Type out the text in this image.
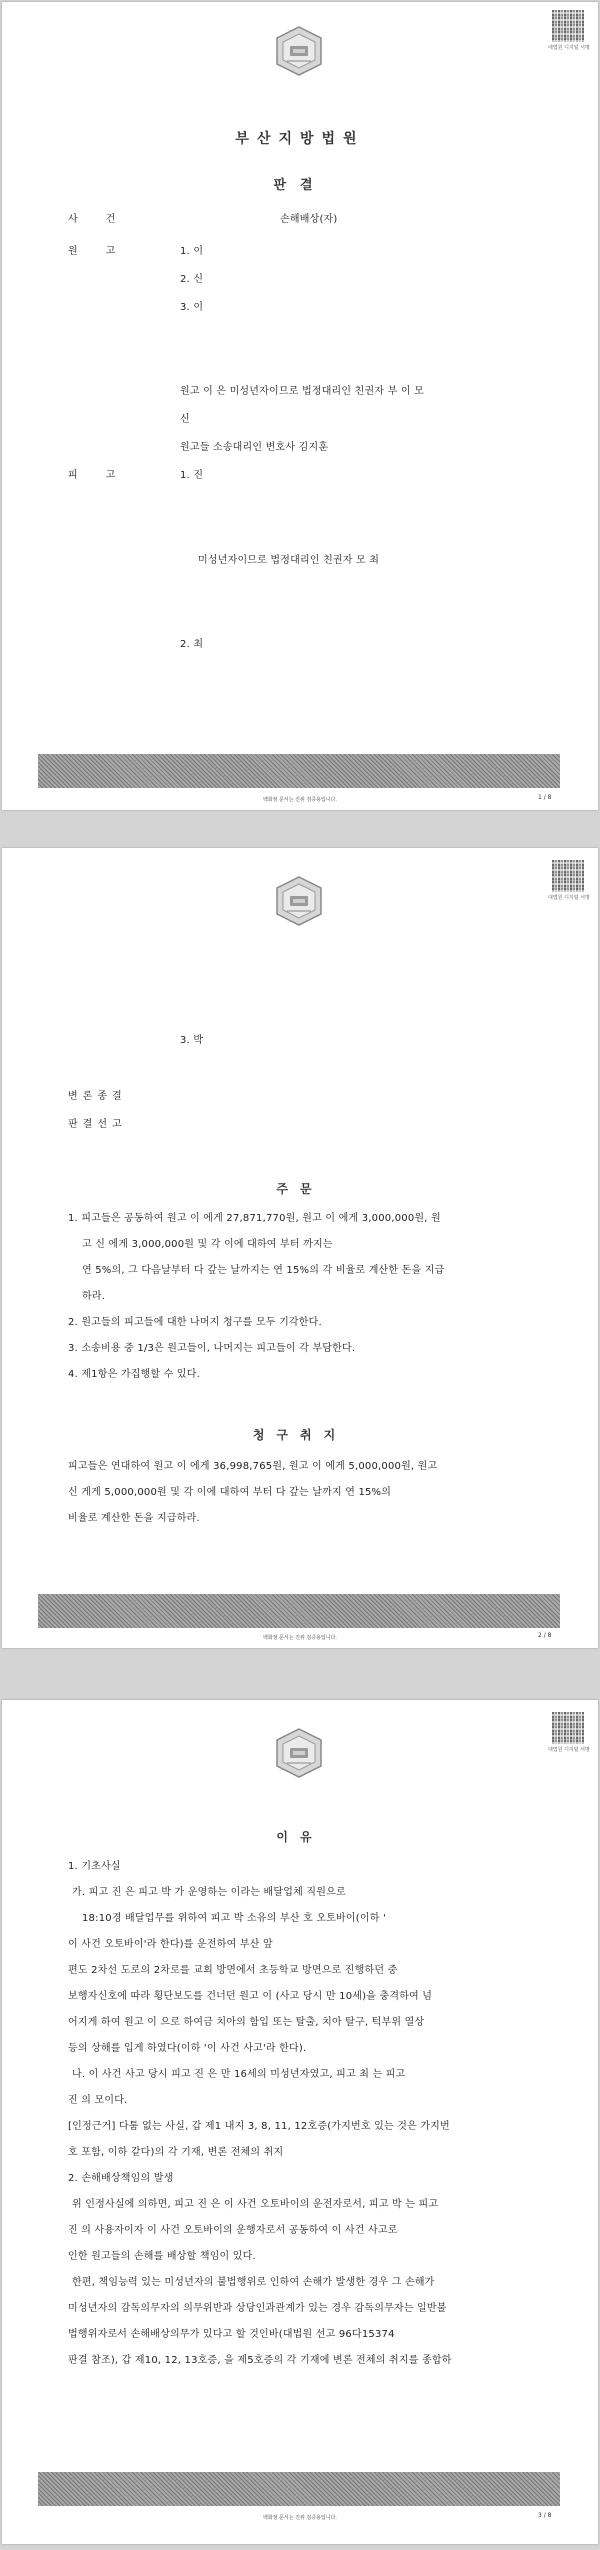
대법원 디지털 서명
부산지방법원
판결
사건	손해배상(자)
원고	1. 이
2. 신
3. 이
원고 이 은 미성년자이므로 법정대리인 친권자 부 이 모
신
원고들 소송대리인 변호사 김지훈
피고	1. 진
미성년자이므로 법정대리인 친권자 모 최
2. 최
백화점 문서는 진위 검증용입니다.	1 / 8
대법원 디지털 서명
3. 박
변론종결
판결선고
주문
1. 피고들은 공동하여 원고 이 에게 27,871,770원, 원고 이 에게 3,000,000원, 원
고 신 에게 3,000,000원 및 각 이에 대하여 부터 까지는
연 5%의, 그 다음날부터 다 갚는 날까지는 연 15%의 각 비율로 계산한 돈을 지급
하라.
2. 원고들의 피고들에 대한 나머지 청구를 모두 기각한다.
3. 소송비용 중 1/3은 원고들이, 나머지는 피고들이 각 부담한다.
4. 제1항은 가집행할 수 있다.
청구취지
피고들은 연대하여 원고 이 에게 36,998,765원, 원고 이 에게 5,000,000원, 원고
신 게게 5,000,000원 및 각 이에 대하여 부터 다 갚는 날까지 연 15%의
비율로 계산한 돈을 지급하라.
백화점 문서는 진위 검증용입니다.	2 / 8
대법원 디지털 서명
이유
1. 기초사실
가. 피고 진 은 피고 박 가 운영하는 이라는 배달업체 직원으로
18:10경 배달업무를 위하여 피고 박 소유의 부산 호 오토바이(이하 '
이 사건 오토바이'라 한다)를 운전하여 부산 앞
편도 2차선 도로의 2차로를 교회 방면에서 초등학교 방면으로 진행하던 중
보행자신호에 따라 횡단보도를 건너던 원고 이 (사고 당시 만 10세)을 충격하여 넘
어지게 하여 원고 이 으로 하여금 치아의 함입 또는 탈출, 치아 탈구, 턱부위 열상
등의 상해를 입게 하였다(이하 '이 사건 사고'라 한다).
나. 이 사건 사고 당시 피고 진 은 만 16세의 미성년자였고, 피고 최 는 피고
진 의 모이다.
[인정근거] 다툼 없는 사실, 갑 제1 내지 3, 8, 11, 12호증(가지번호 있는 것은 가지번
호 포함, 이하 같다)의 각 기재, 변론 전체의 취지
2. 손해배상책임의 발생
위 인정사실에 의하면, 피고 진 은 이 사건 오토바이의 운전자로서, 피고 박 는 피고
진 의 사용자이자 이 사건 오토바이의 운행자로서 공동하여 이 사건 사고로
인한 원고들의 손해를 배상할 책임이 있다.
한편, 책임능력 있는 미성년자의 불법행위로 인하여 손해가 발생한 경우 그 손해가
미성년자의 감독의무자의 의무위반과 상당인과관계가 있는 경우 감독의무자는 일반불
법행위자로서 손해배상의무가 있다고 할 것인바(대법원 선고 96다15374
판결 참조), 갑 제10, 12, 13호증, 을 제5호증의 각 기재에 변론 전체의 취지를 종합하
백화점 문서는 진위 검증용입니다.	3 / 8
